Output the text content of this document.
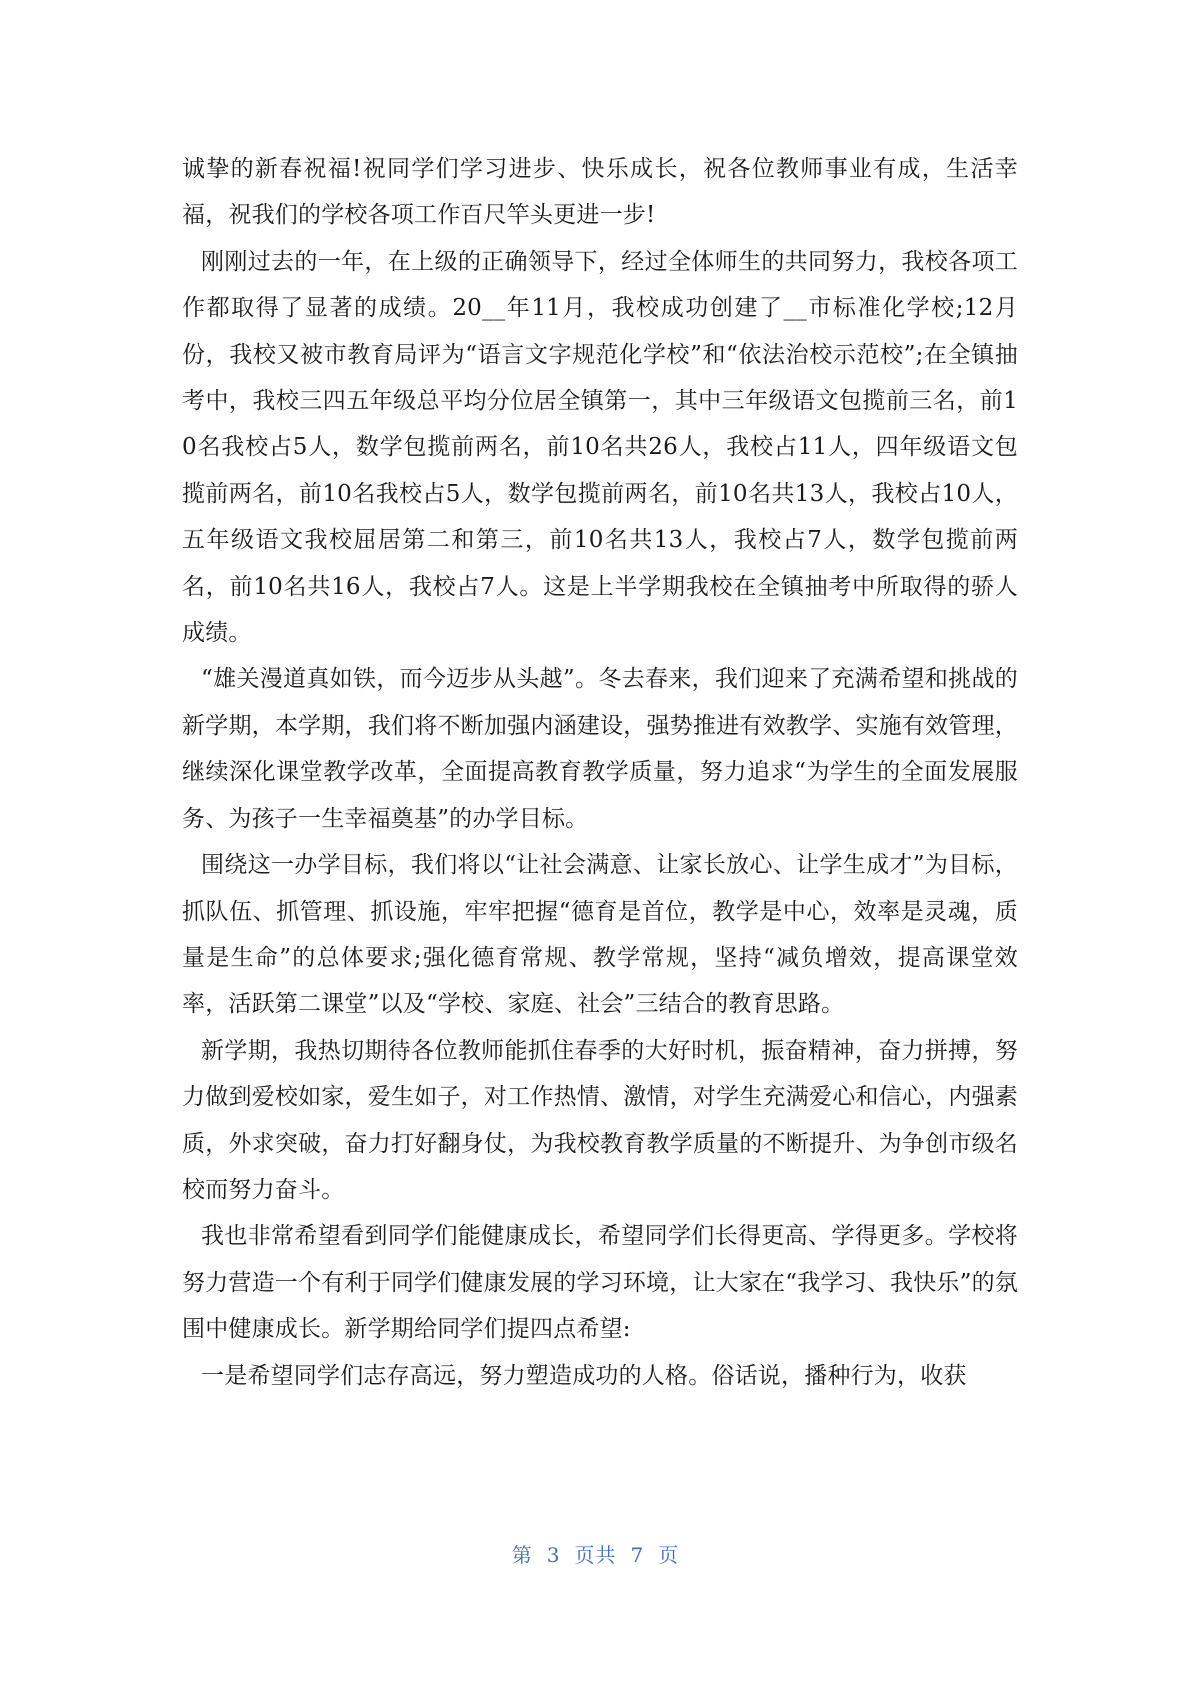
诚挚的新春祝福!祝同学们学习进步、快乐成长，祝各位教师事业有成，生活幸福，祝我们的学校各项工作百尺竿头更进一步!

刚刚过去的一年，在上级的正确领导下，经过全体师生的共同努力，我校各项工作都取得了显著的成绩。20__年11月，我校成功创建了__市标准化学校;12月份，我校又被市教育局评为“语言文字规范化学校”和“依法治校示范校”;在全镇抽考中，我校三四五年级总平均分位居全镇第一，其中三年级语文包揽前三名，前10名我校占5人，数学包揽前两名，前10名共26人，我校占11人，四年级语文包揽前两名，前10名我校占5人，数学包揽前两名，前10名共13人，我校占10人，五年级语文我校屈居第二和第三，前10名共13人，我校占7人，数学包揽前两名，前10名共16人，我校占7人。这是上半学期我校在全镇抽考中所取得的骄人成绩。

“雄关漫道真如铁，而今迈步从头越”。冬去春来，我们迎来了充满希望和挑战的新学期，本学期，我们将不断加强内涵建设，强势推进有效教学、实施有效管理，继续深化课堂教学改革，全面提高教育教学质量，努力追求“为学生的全面发展服务、为孩子一生幸福奠基”的办学目标。

围绕这一办学目标，我们将以“让社会满意、让家长放心、让学生成才”为目标，抓队伍、抓管理、抓设施，牢牢把握“德育是首位，教学是中心，效率是灵魂，质量是生命”的总体要求;强化德育常规、教学常规，坚持“减负增效，提高课堂效率，活跃第二课堂”以及“学校、家庭、社会”三结合的教育思路。

新学期，我热切期待各位教师能抓住春季的大好时机，振奋精神，奋力拼搏，努力做到爱校如家，爱生如子，对工作热情、激情，对学生充满爱心和信心，内强素质，外求突破，奋力打好翻身仗，为我校教育教学质量的不断提升、为争创市级名校而努力奋斗。

我也非常希望看到同学们能健康成长，希望同学们长得更高、学得更多。学校将努力营造一个有利于同学们健康发展的学习环境，让大家在“我学习、我快乐”的氛围中健康成长。新学期给同学们提四点希望:

一是希望同学们志存高远，努力塑造成功的人格。俗话说，播种行为，收获

第 3 页共 7 页
